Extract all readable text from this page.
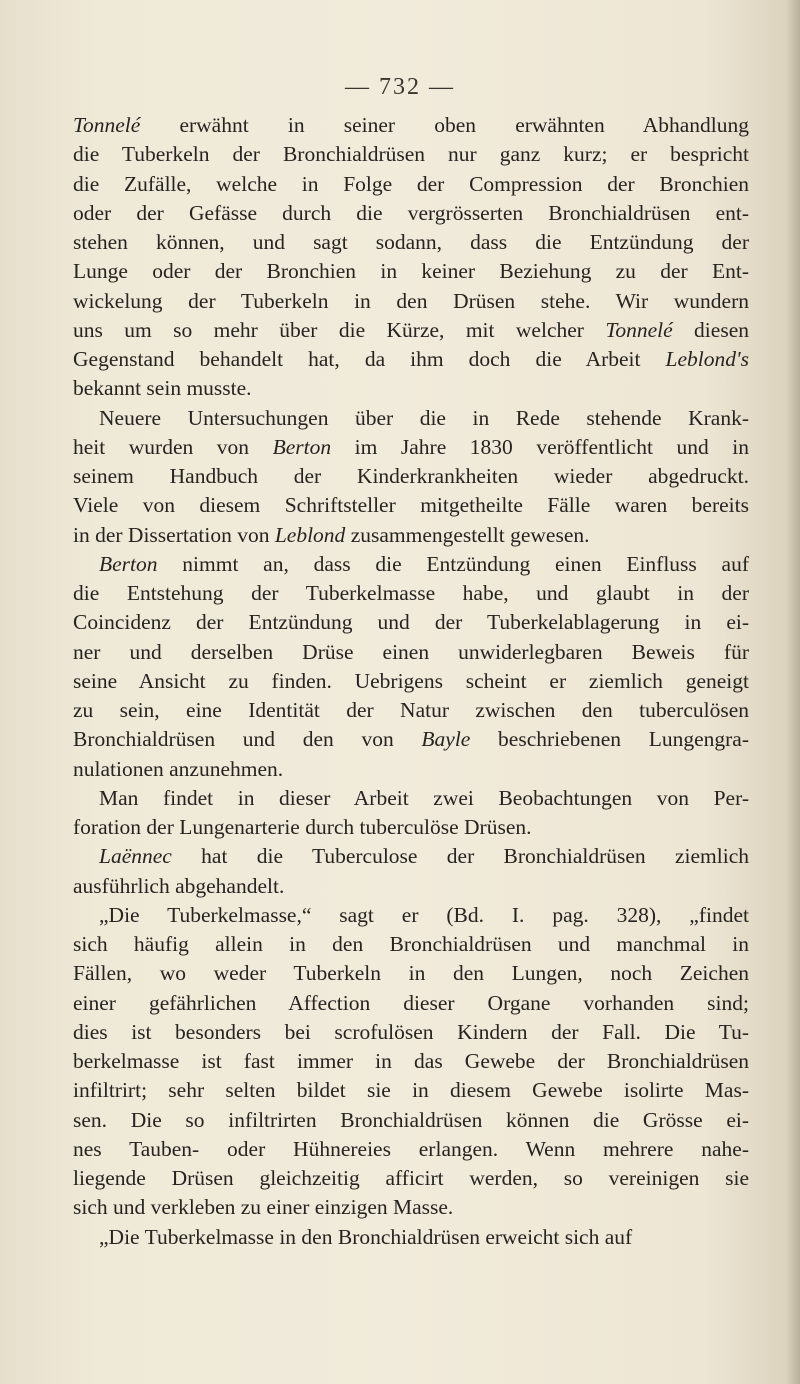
— 732 —
Tonnelé erwähnt in seiner oben erwähnten Abhandlung
die Tuberkeln der Bronchialdrüsen nur ganz kurz; er bespricht
die Zufälle, welche in Folge der Compression der Bronchien
oder der Gefässe durch die vergrösserten Bronchialdrüsen ent-
stehen können, und sagt sodann, dass die Entzündung der
Lunge oder der Bronchien in keiner Beziehung zu der Ent-
wickelung der Tuberkeln in den Drüsen stehe. Wir wundern
uns um so mehr über die Kürze, mit welcher Tonnelé diesen
Gegenstand behandelt hat, da ihm doch die Arbeit Leblond's
bekannt sein musste.
Neuere Untersuchungen über die in Rede stehende Krank-
heit wurden von Berton im Jahre 1830 veröffentlicht und in
seinem Handbuch der Kinderkrankheiten wieder abgedruckt.
Viele von diesem Schriftsteller mitgetheilte Fälle waren bereits
in der Dissertation von Leblond zusammengestellt gewesen.
Berton nimmt an, dass die Entzündung einen Einfluss auf
die Entstehung der Tuberkelmasse habe, und glaubt in der
Coincidenz der Entzündung und der Tuberkelablagerung in ei-
ner und derselben Drüse einen unwiderlegbaren Beweis für
seine Ansicht zu finden. Uebrigens scheint er ziemlich geneigt
zu sein, eine Identität der Natur zwischen den tuberculösen
Bronchialdrüsen und den von Bayle beschriebenen Lungengra-
nulationen anzunehmen.
Man findet in dieser Arbeit zwei Beobachtungen von Per-
foration der Lungenarterie durch tuberculöse Drüsen.
Laënnec hat die Tuberculose der Bronchialdrüsen ziemlich
ausführlich abgehandelt.
„Die Tuberkelmasse,“ sagt er (Bd. I. pag. 328), „findet
sich häufig allein in den Bronchialdrüsen und manchmal in
Fällen, wo weder Tuberkeln in den Lungen, noch Zeichen
einer gefährlichen Affection dieser Organe vorhanden sind;
dies ist besonders bei scrofulösen Kindern der Fall. Die Tu-
berkelmasse ist fast immer in das Gewebe der Bronchialdrüsen
infiltrirt; sehr selten bildet sie in diesem Gewebe isolirte Mas-
sen. Die so infiltrirten Bronchialdrüsen können die Grösse ei-
nes Tauben- oder Hühnereies erlangen. Wenn mehrere nahe-
liegende Drüsen gleichzeitig afficirt werden, so vereinigen sie
sich und verkleben zu einer einzigen Masse.
„Die Tuberkelmasse in den Bronchialdrüsen erweicht sich auf
